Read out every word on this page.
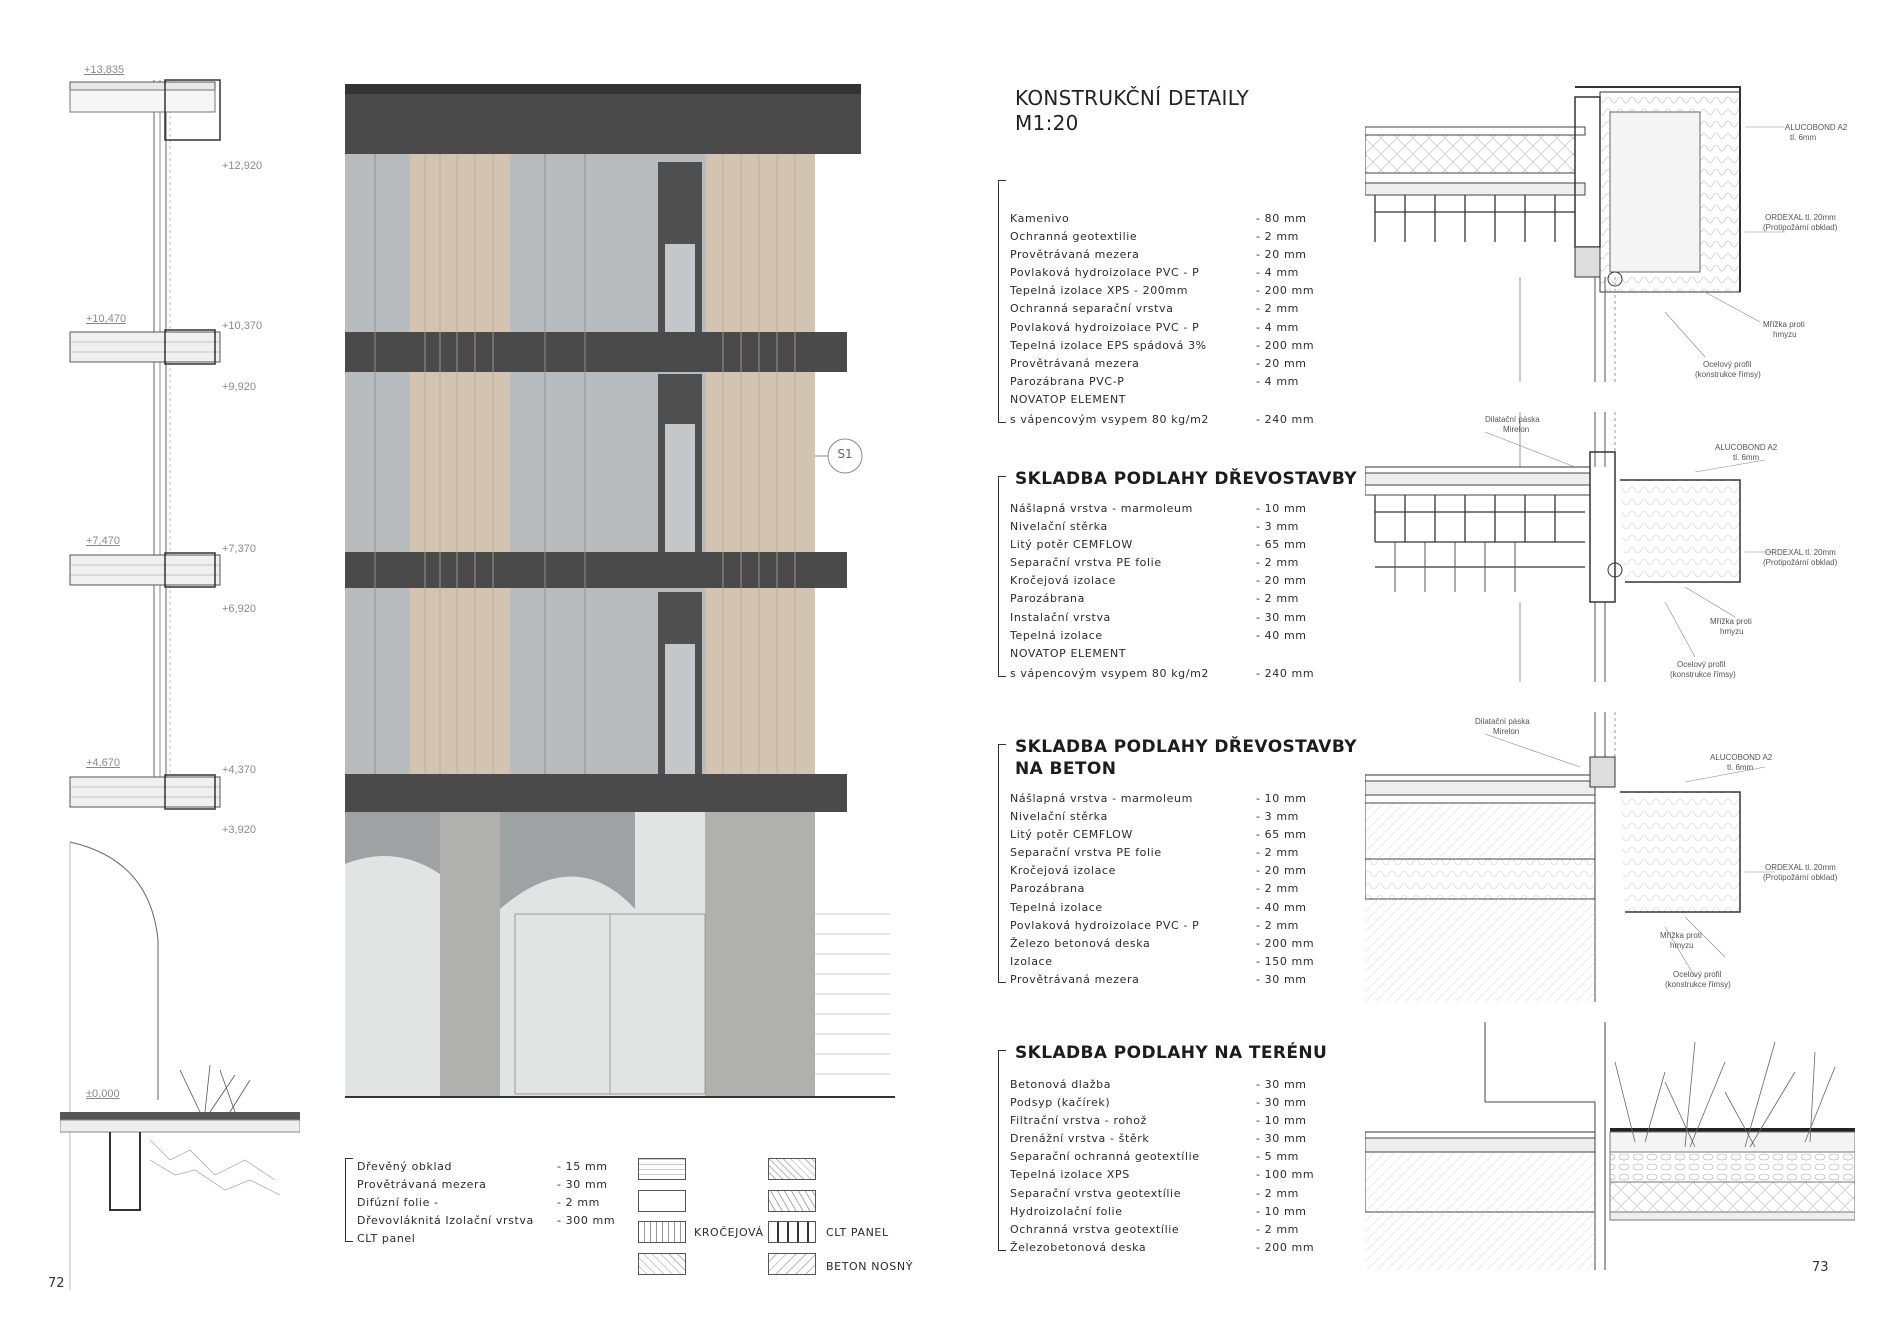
72
73
+13,835
+12,920
+10,470
+10,370
+9,920
+7,470
+7,370
+6,920
+4,670
+4,370
+3,920
±0,000
S1
Dřevěný obklad	- 15 mm
Provětrávaná mezera	- 30 mm
Difúzní folie -	- 2 mm
Dřevovláknitá Izolační vrstva - 300 mm
CLT panel	KROČEJOVÁ	CLT PANEL
BETON NOSNÝ
KONSTRUKČNÍ DETAILY
M1:20
Kamenivo	- 80 mm
Ochranná geotextilie	- 2 mm
Provětrávaná mezera	- 20 mm
Povlaková hydroizolace PVC - P	- 4 mm
Tepelná izolace XPS - 200mm	- 200 mm
Ochranná separační vrstva	- 2 mm
Povlaková hydroizolace PVC - P	- 4 mm
Tepelná izolace EPS spádová 3%	- 200 mm
Provětrávaná mezera	- 20 mm
Parozábrana PVC-P	- 4 mm
NOVATOP ELEMENT
s vápencovým vsypem 80 kg/m2	- 240 mm
SKLADBA PODLAHY DŘEVOSTAVBY
Nášlapná vrstva - marmoleum	- 10 mm
Nivelační stěrka	- 3 mm
Litý potěr CEMFLOW	- 65 mm
Separační vrstva PE folie	- 2 mm
Kročejová izolace	- 20 mm
Parozábrana	- 2 mm
Instalační vrstva	- 30 mm
Tepelná izolace	- 40 mm
NOVATOP ELEMENT
s vápencovým vsypem 80 kg/m2	- 240 mm
SKLADBA PODLAHY DŘEVOSTAVBY
NA BETON
Nášlapná vrstva - marmoleum	- 10 mm
Nivelační stěrka	- 3 mm
Litý potěr CEMFLOW	- 65 mm
Separační vrstva PE folie	- 2 mm
Kročejová izolace	- 20 mm
Parozábrana	- 2 mm
Tepelná izolace	- 40 mm
Povlaková hydroizolace PVC - P	- 2 mm
Železo betonová deska	- 200 mm
Izolace	- 150 mm
Provětrávaná mezera	- 30 mm
SKLADBA PODLAHY NA TERÉNU
Betonová dlažba	- 30 mm
Podsyp (kačírek)	- 30 mm
Filtrační vrstva - rohož	- 10 mm
Drenážní vrstva - štěrk	- 30 mm
Separační ochranná geotextílie	- 5 mm
Tepelná izolace XPS	- 100 mm
Separační vrstva geotextílie	- 2 mm
Hydroizolační folie	- 10 mm
Ochranná vrstva geotextílie	- 2 mm
Železobetonová deska	- 200 mm
ALUCOBOND A2
tl. 6mm
ORDEXAL tl. 20mm
(Protipožární obklad)
Mřížka proti
hmyzu
Ocelový profil
(konstrukce římsy)
Dilatační páska
Mirelon
ALUCOBOND A2
tl. 6mm
ORDEXAL tl. 20mm
(Protipožární obklad)
Mřížka proti
hmyzu
Ocelový profil
(konstrukce římsy)
Dilatační páska
Mirelon
ALUCOBOND A2
tl. 6mm
ORDEXAL tl. 20mm
(Protipožární obklad)
Mřížka proti
hmyzu
Ocelový profil
(konstrukce římsy)
